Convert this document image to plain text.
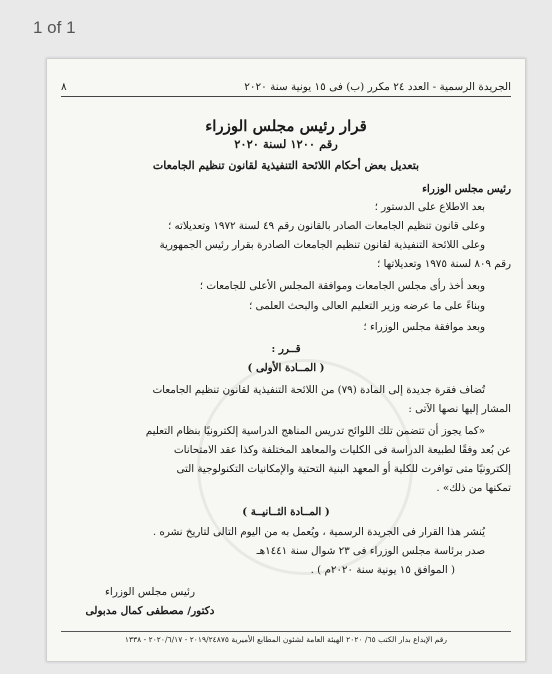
1 of 1
الجريدة الرسمية - العدد ٢٤ مكرر (ب) فى ١٥ يونية سنة ٢٠٢٠
٨
قرار رئيس مجلس الوزراء
رقم ١٢٠٠ لسنة ٢٠٢٠
بتعديل بعض أحكام اللائحة التنفيذية لقانون تنظيم الجامعات
رئيس مجلس الوزراء
بعد الاطلاع على الدستور ؛
وعلى قانون تنظيم الجامعات الصادر بالقانون رقم ٤٩ لسنة ١٩٧٢ وتعديلاته ؛
وعلى اللائحة التنفيذية لقانون تنظيم الجامعات الصادرة بقرار رئيس الجمهورية
رقم ٨٠٩ لسنة ١٩٧٥ وتعديلاتها ؛
وبعد أخذ رأى مجلس الجامعات وموافقة المجلس الأعلى للجامعات ؛
وبناءً على ما عرضه وزير التعليم العالى والبحث العلمى ؛
وبعد موافقة مجلس الوزراء ؛
قــرر :
( المــادة الأولى )
تُضاف فقرة جديدة إلى المادة (٧٩) من اللائحة التنفيذية لقانون تنظيم الجامعات
المشار إليها نصها الآتى :
«كما يجوز أن تتضمن تلك اللوائح تدريس المناهج الدراسية إلكترونيًا بنظام التعليم
عن بُعد وفقًا لطبيعة الدراسة فى الكليات والمعاهد المختلفة وكذا عقد الامتحانات
إلكترونيًا متى توافرت للكلية أو المعهد البنية التحتية والإمكانيات التكنولوجية التى
تمكنها من ذلك» .
( المــادة الثــانيــة )
يُنشر هذا القرار فى الجريدة الرسمية ، ويُعمل به من اليوم التالى لتاريخ نشره .
صدر برئاسة مجلس الوزراء فى ٢٣ شوال سنة ١٤٤١هـ
( الموافق ١٥ يونية سنة ٢٠٢٠م ) .
رئيس مجلس الوزراء
دكتور/ مصطفى كمال مدبولى
رقم الإيداع بدار الكتب ٦٥/ ٢٠٢٠ الهيئة العامة لشئون المطابع الأميرية ٢٠١٩/٢٤٨٧٥ - ٢٠٢٠/٦/١٧ - ١٣٣٨
